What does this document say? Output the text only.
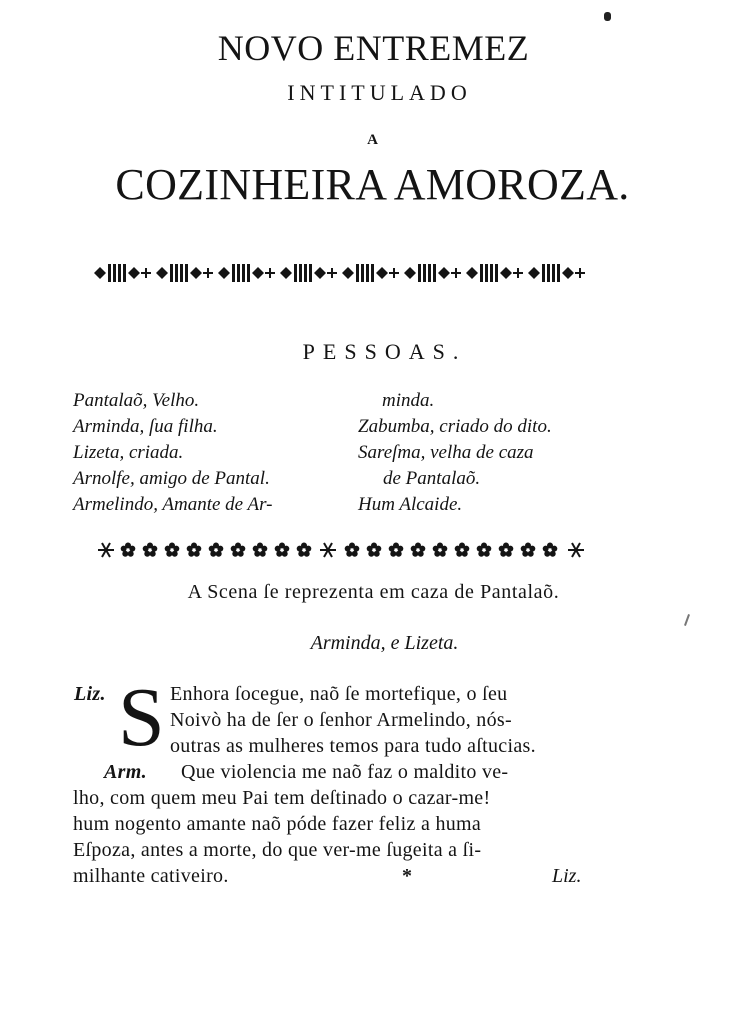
NOVO ENTREMEZ
INTITULADO
A
COZINHEIRA AMOROZA.
PESSOAS.
Pantalaõ, Velho.
Arminda, ſua filha.
Lizeta, criada.
Arnolfe, amigo de Pantal.
Armelindo, Amante de Ar-
minda.
Zabumba, criado do dito.
Sareſma, velha de caza
de Pantalaõ.
Hum Alcaide.
A Scena ſe reprezenta em caza de Pantalaõ.
Arminda, e Lizeta.
Liz. S Enhora ſocegue, naõ ſe mortefique, o ſeu
Noivò ha de ſer o ſenhor Armelindo, nós-
outras as mulheres temos para tudo aſtucias.
Arm. Que violencia me naõ faz o maldito ve-
lho, com quem meu Pai tem deſtinado o cazar-me!
hum nogento amante naõ póde fazer feliz a huma
Eſpoza, antes a morte, do que ver-me ſugeita a ſi-
milhante cativeiro.	*	Liz.
